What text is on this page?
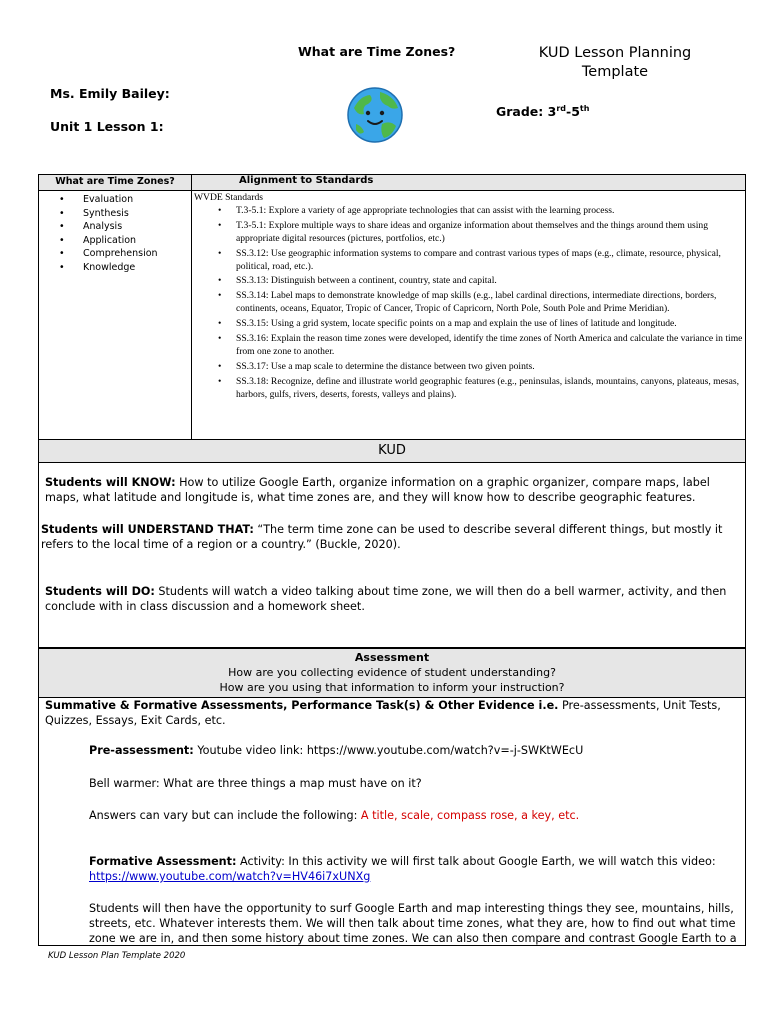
What are Time Zones?	KUD Lesson Planning
Template
Ms. Emily Bailey:
Unit 1 Lesson 1:
Grade: 3rd-5th
What are Time Zones?	Alignment to Standards
• Evaluation
• Synthesis
• Analysis
• Application
• Comprehension
• Knowledge
WVDE Standards
• T.3-5.1: Explore a variety of age appropriate technologies that can assist with the learning process.
• T.3-5.1: Explore multiple ways to share ideas and organize information about themselves and the things around them using appropriate digital resources (pictures, portfolios, etc.)
• SS.3.12: Use geographic information systems to compare and contrast various types of maps (e.g., climate, resource, physical, political, road, etc.).
• SS.3.13: Distinguish between a continent, country, state and capital.
• SS.3.14: Label maps to demonstrate knowledge of map skills (e.g., label cardinal directions, intermediate directions, borders, continents, oceans, Equator, Tropic of Cancer, Tropic of Capricorn, North Pole, South Pole and Prime Meridian).
• SS.3.15: Using a grid system, locate specific points on a map and explain the use of lines of latitude and longitude.
• SS.3.16: Explain the reason time zones were developed, identify the time zones of North America and calculate the variance in time from one zone to another.
• SS.3.17: Use a map scale to determine the distance between two given points.
• SS.3.18: Recognize, define and illustrate world geographic features (e.g., peninsulas, islands, mountains, canyons, plateaus, mesas, harbors, gulfs, rivers, deserts, forests, valleys and plains).
KUD
Students will KNOW: How to utilize Google Earth, organize information on a graphic organizer, compare maps, label maps, what latitude and longitude is, what time zones are, and they will know how to describe geographic features.
Students will UNDERSTAND THAT: “The term time zone can be used to describe several different things, but mostly it refers to the local time of a region or a country.” (Buckle, 2020).
Students will DO: Students will watch a video talking about time zone, we will then do a bell warmer, activity, and then conclude with in class discussion and a homework sheet.
Assessment
How are you collecting evidence of student understanding?
How are you using that information to inform your instruction?
Summative & Formative Assessments, Performance Task(s) & Other Evidence i.e. Pre-assessments, Unit Tests, Quizzes, Essays, Exit Cards, etc.
Pre-assessment: Youtube video link: https://www.youtube.com/watch?v=-j-SWKtWEcU
Bell warmer: What are three things a map must have on it?
Answers can vary but can include the following: A title, scale, compass rose, a key, etc.
Formative Assessment: Activity: In this activity we will first talk about Google Earth, we will watch this video: https://www.youtube.com/watch?v=HV46i7xUNXg
Students will then have the opportunity to surf Google Earth and map interesting things they see, mountains, hills, streets, etc. Whatever interests them. We will then talk about time zones, what they are, how to find out what time zone we are in, and then some history about time zones. We can also then compare and contrast Google Earth to a
KUD Lesson Plan Template 2020
